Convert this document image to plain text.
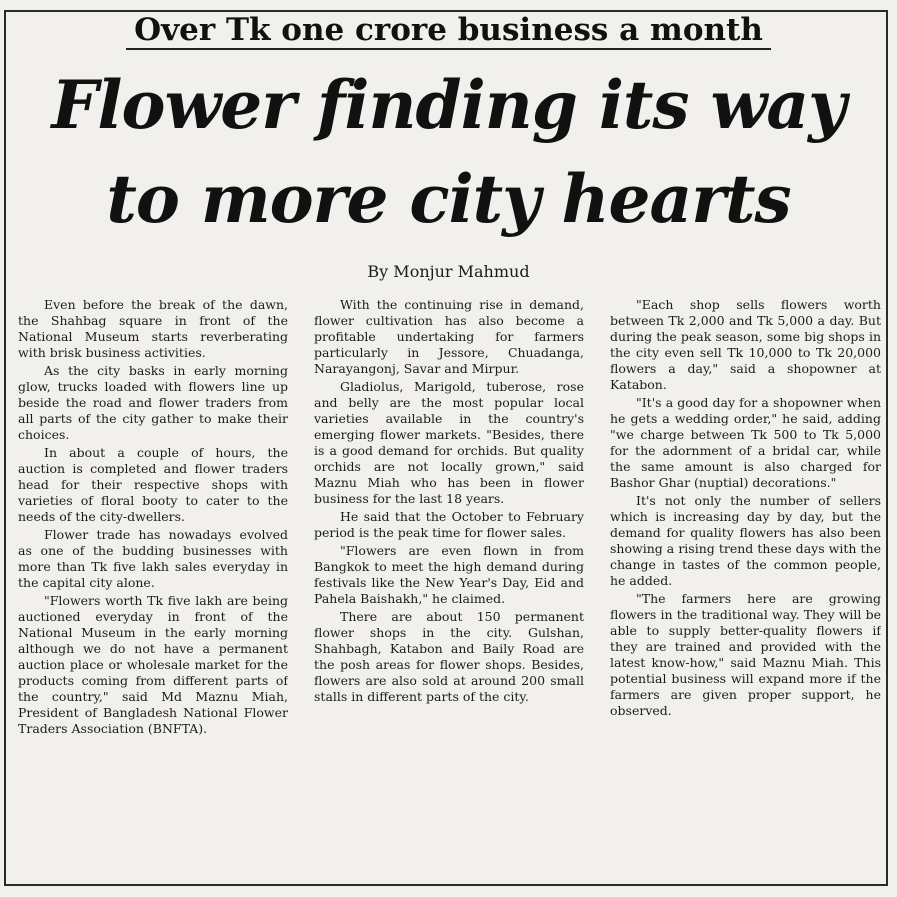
Over Tk one crore business a month
Flower finding its way
to more city hearts
By Monjur Mahmud

Even before the break of the dawn, the Shahbag square in front of the National Museum starts reverberating with brisk business activities.

As the city basks in early morning glow, trucks loaded with flowers line up beside the road and flower traders from all parts of the city gather to make their choices.

In about a couple of hours, the auction is completed and flower traders head for their respective shops with varieties of floral booty to cater to the needs of the city-dwellers.

Flower trade has nowadays evolved as one of the budding businesses with more than Tk five lakh sales everyday in the capital city alone.

"Flowers worth Tk five lakh are being auctioned everyday in front of the National Museum in the early morning although we do not have a permanent auction place or wholesale market for the products coming from different parts of the country," said Md Maznu Miah, President of Bangladesh National Flower Traders Association (BNFTA).

With the continuing rise in demand, flower cultivation has also become a profitable undertaking for farmers particularly in Jessore, Chuadanga, Narayangonj, Savar and Mirpur.

Gladiolus, Marigold, tuberose, rose and belly are the most popular local varieties available in the country's emerging flower markets. "Besides, there is a good demand for orchids. But quality orchids are not locally grown," said Maznu Miah who has been in flower business for the last 18 years.

He said that the October to February period is the peak time for flower sales.

"Flowers are even flown in from Bangkok to meet the high demand during festivals like the New Year's Day, Eid and Pahela Baishakh," he claimed.

There are about 150 permanent flower shops in the city. Gulshan, Shahbagh, Katabon and Baily Road are the posh areas for flower shops. Besides, flowers are also sold at around 200 small stalls in different parts of the city.

"Each shop sells flowers worth between Tk 2,000 and Tk 5,000 a day. But during the peak season, some big shops in the city even sell Tk 10,000 to Tk 20,000 flowers a day," said a shopowner at Katabon.

"It's a good day for a shopowner when he gets a wedding order," he said, adding "we charge between Tk 500 to Tk 5,000 for the adornment of a bridal car, while the same amount is also charged for Bashor Ghar (nuptial) decorations."

It's not only the number of sellers which is increasing day by day, but the demand for quality flowers has also been showing a rising trend these days with the change in tastes of the common people, he added.

"The farmers here are growing flowers in the traditional way. They will be able to supply better-quality flowers if they are trained and provided with the latest know-how," said Maznu Miah. This potential business will expand more if the farmers are given proper support, he observed.
